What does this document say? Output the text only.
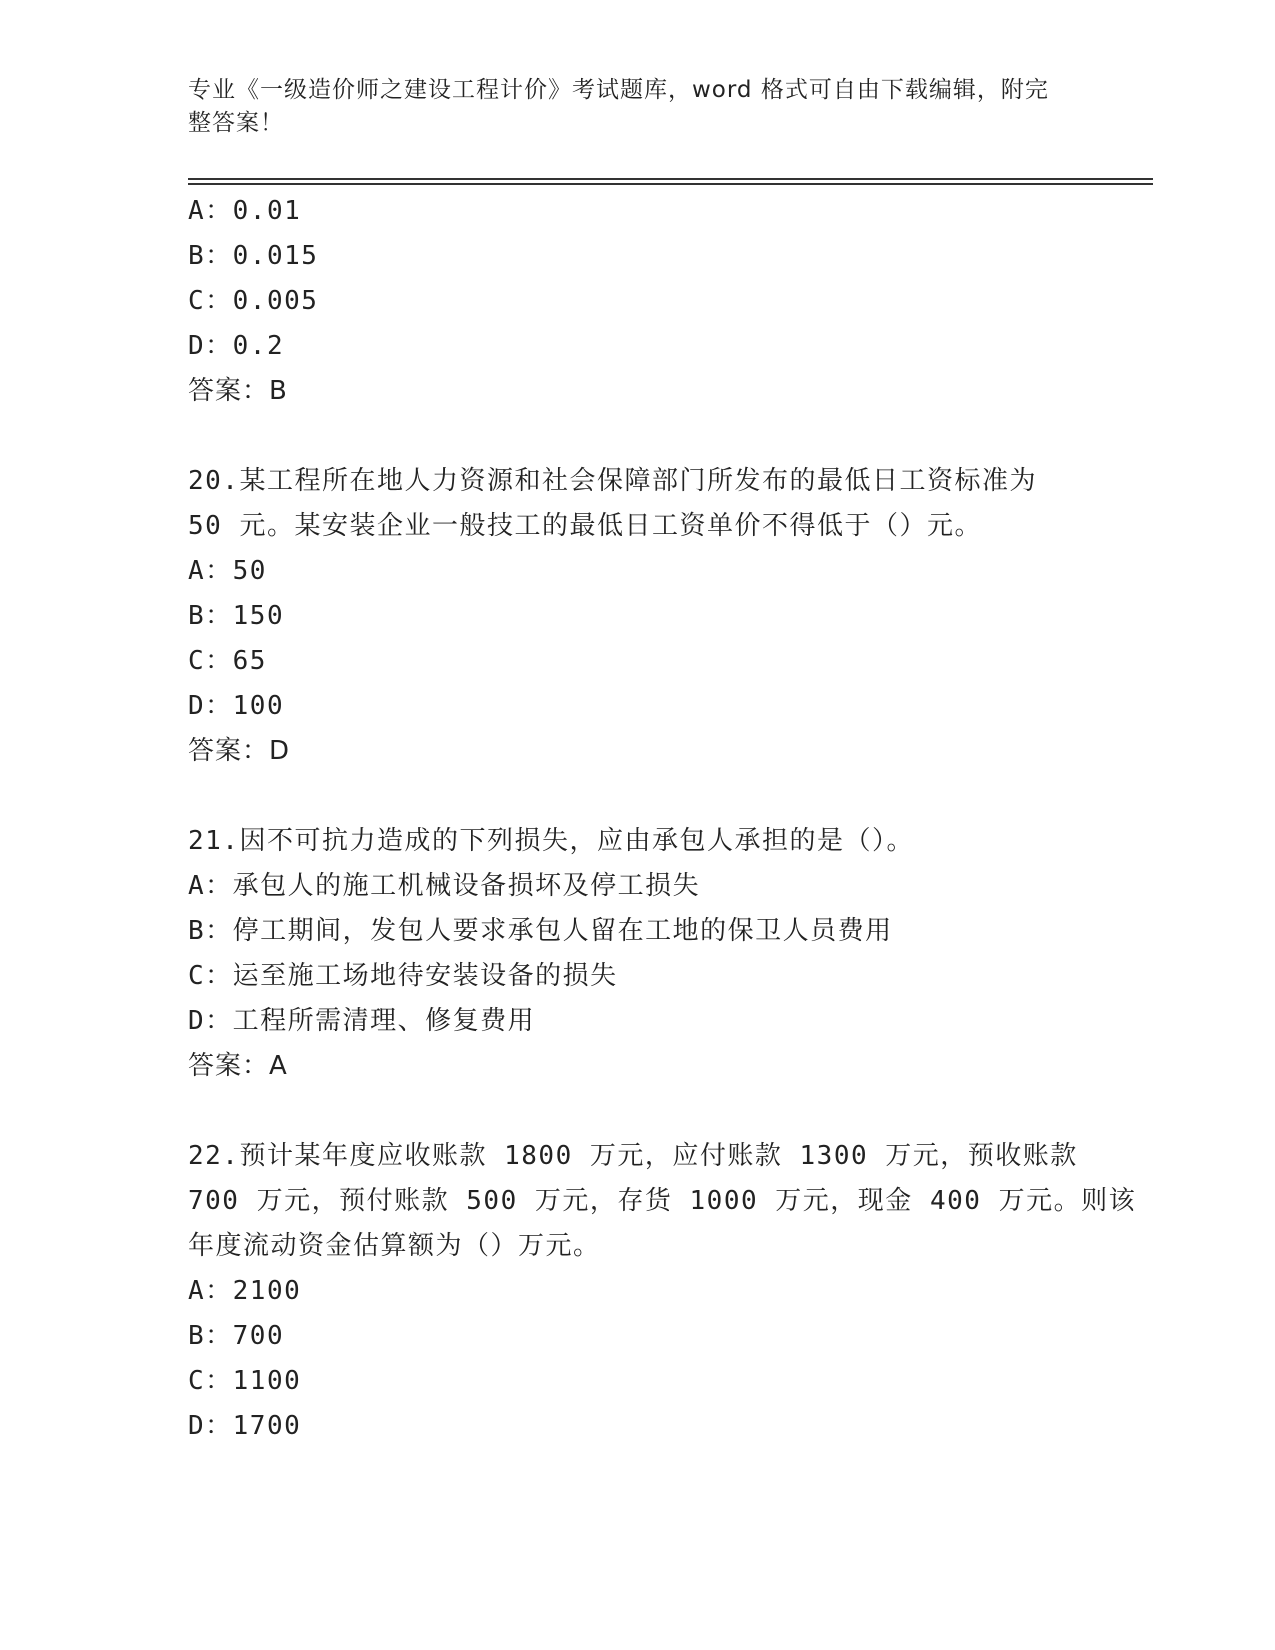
专业《一级造价师之建设工程计价》考试题库，word 格式可自由下载编辑，附完
整答案！
A：0.01
B：0.015
C：0.005
D：0.2
答案：B
20.某工程所在地人力资源和社会保障部门所发布的最低日工资标准为
50 元。某安装企业一般技工的最低日工资单价不得低于（）元。
A：50
B：150
C：65
D：100
答案：D
21.因不可抗力造成的下列损失，应由承包人承担的是（）。
A：承包人的施工机械设备损坏及停工损失
B：停工期间，发包人要求承包人留在工地的保卫人员费用
C：运至施工场地待安装设备的损失
D：工程所需清理、修复费用
答案：A
22.预计某年度应收账款 1800 万元，应付账款 1300 万元，预收账款
700 万元，预付账款 500 万元，存货 1000 万元，现金 400 万元。则该
年度流动资金估算额为（）万元。
A：2100
B：700
C：1100
D：1700
